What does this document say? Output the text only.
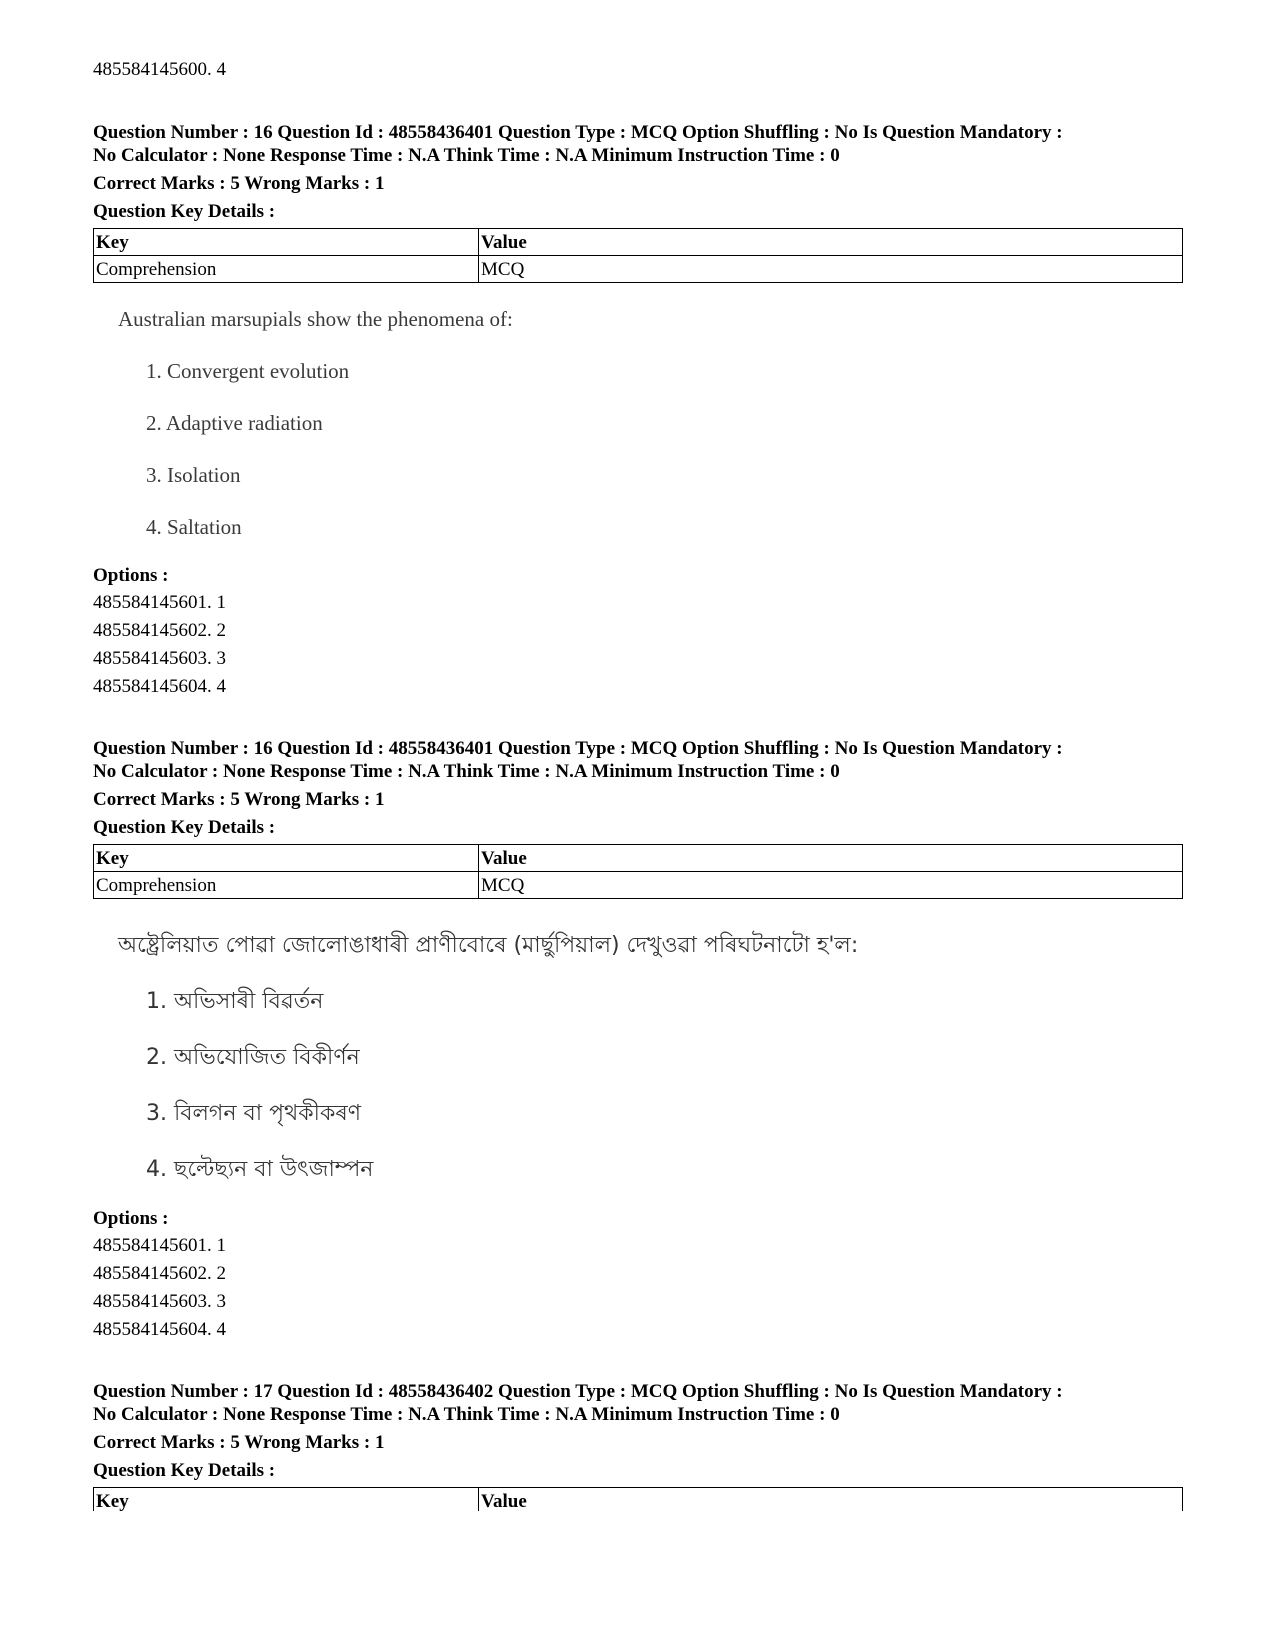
485584145600. 4
Question Number : 16 Question Id : 48558436401 Question Type : MCQ Option Shuffling : No Is Question Mandatory :
No Calculator : None Response Time : N.A Think Time : N.A Minimum Instruction Time : 0
Correct Marks : 5 Wrong Marks : 1
Question Key Details :
Key	Value
Comprehension	MCQ
Australian marsupials show the phenomena of:
1. Convergent evolution
2. Adaptive radiation
3. Isolation
4. Saltation
Options :
485584145601. 1
485584145602. 2
485584145603. 3
485584145604. 4
Question Number : 16 Question Id : 48558436401 Question Type : MCQ Option Shuffling : No Is Question Mandatory :
No Calculator : None Response Time : N.A Think Time : N.A Minimum Instruction Time : 0
Correct Marks : 5 Wrong Marks : 1
Question Key Details :
Key	Value
Comprehension	MCQ
অষ্ট্ৰেলিয়াত পোৱা জোলোঙাধাৰী প্ৰাণীবোৰে (মাৰ্ছুপিয়াল) দেখুওৱা পৰিঘটনাটো হ'ল:
1. অভিসাৰী বিৱৰ্তন
2. অভিযোজিত বিকীৰ্ণন
3. বিলগন বা পৃথকীকৰণ
4. ছল্টেছ্যন বা উৎজাম্পন
Options :
485584145601. 1
485584145602. 2
485584145603. 3
485584145604. 4
Question Number : 17 Question Id : 48558436402 Question Type : MCQ Option Shuffling : No Is Question Mandatory :
No Calculator : None Response Time : N.A Think Time : N.A Minimum Instruction Time : 0
Correct Marks : 5 Wrong Marks : 1
Question Key Details :
Key	Value
